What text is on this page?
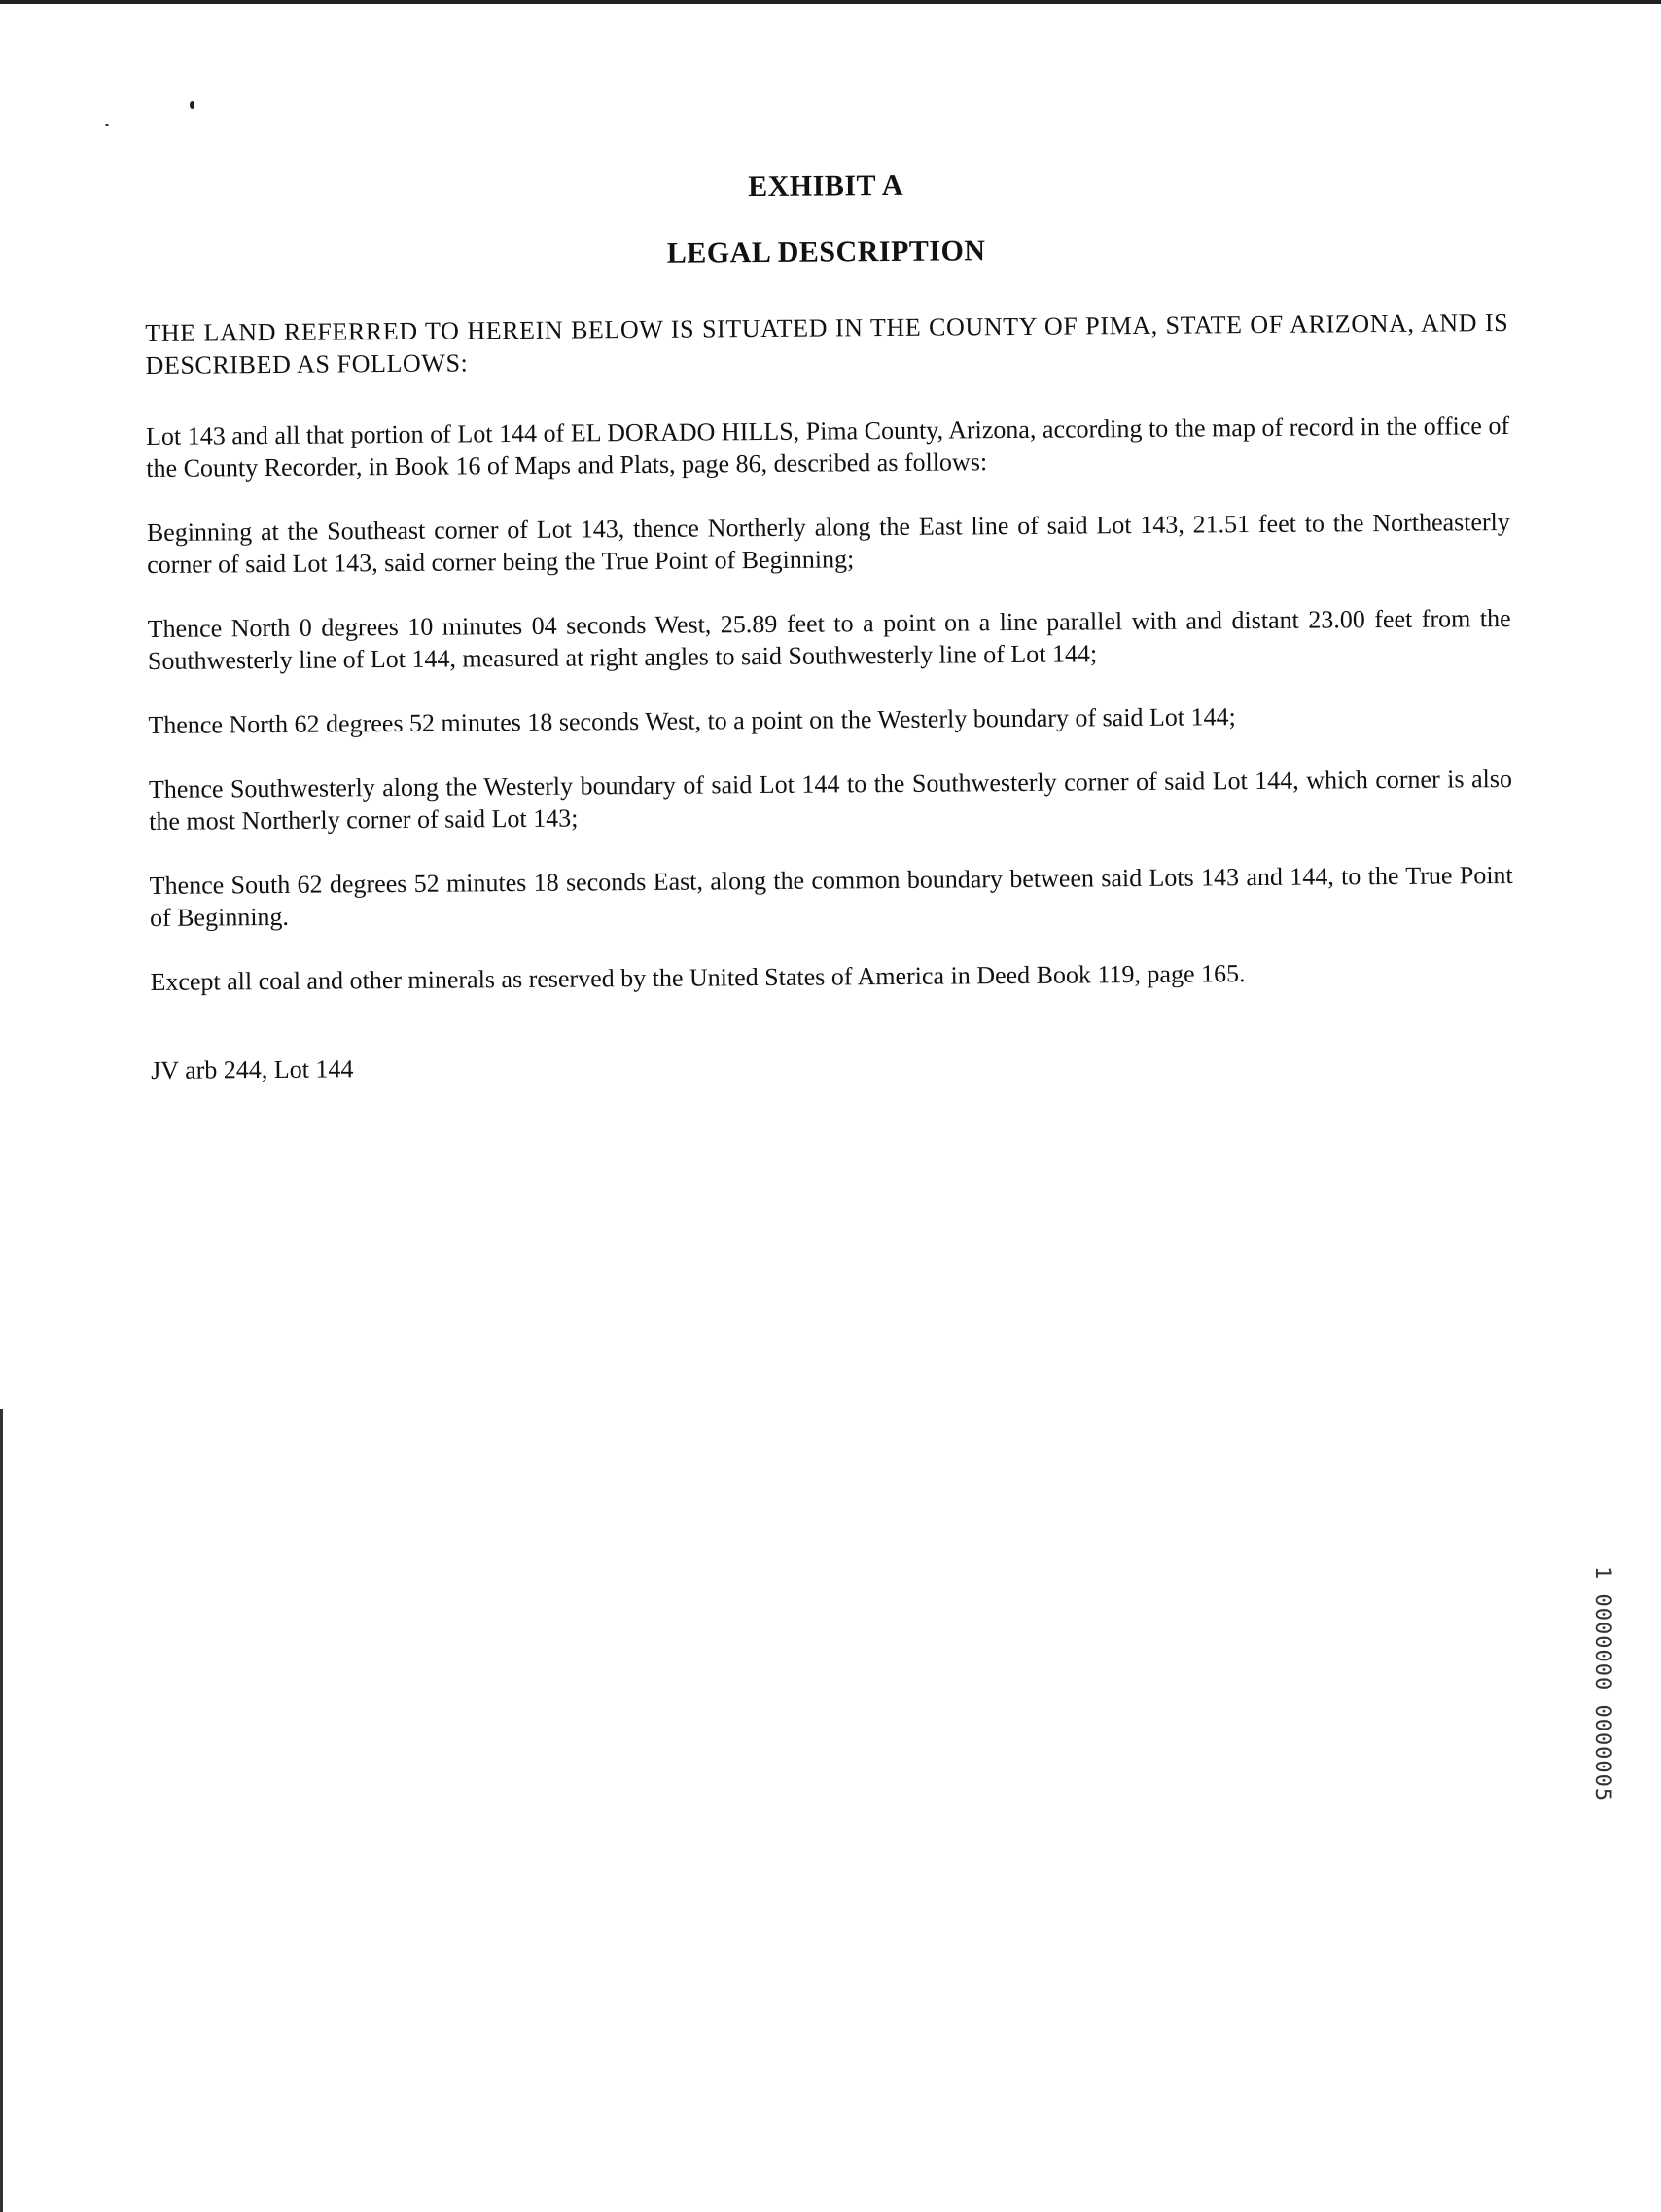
EXHIBIT A
LEGAL DESCRIPTION

THE LAND REFERRED TO HEREIN BELOW IS SITUATED IN THE COUNTY OF PIMA, STATE OF ARIZONA, AND IS DESCRIBED AS FOLLOWS:

Lot 143 and all that portion of Lot 144 of EL DORADO HILLS, Pima County, Arizona, according to the map of record in the office of the County Recorder, in Book 16 of Maps and Plats, page 86, described as follows:

Beginning at the Southeast corner of Lot 143, thence Northerly along the East line of said Lot 143, 21.51 feet to the Northeasterly corner of said Lot 143, said corner being the True Point of Beginning;

Thence North 0 degrees 10 minutes 04 seconds West, 25.89 feet to a point on a line parallel with and distant 23.00 feet from the Southwesterly line of Lot 144, measured at right angles to said Southwesterly line of Lot 144;

Thence North 62 degrees 52 minutes 18 seconds West, to a point on the Westerly boundary of said Lot 144;

Thence Southwesterly along the Westerly boundary of said Lot 144 to the Southwesterly corner of said Lot 144, which corner is also the most Northerly corner of said Lot 143;

Thence South 62 degrees 52 minutes 18 seconds East, along the common boundary between said Lots 143 and 144, to the True Point of Beginning.

Except all coal and other minerals as reserved by the United States of America in Deed Book 119, page 165.

JV arb 244, Lot 144

1 0000000 0000005
